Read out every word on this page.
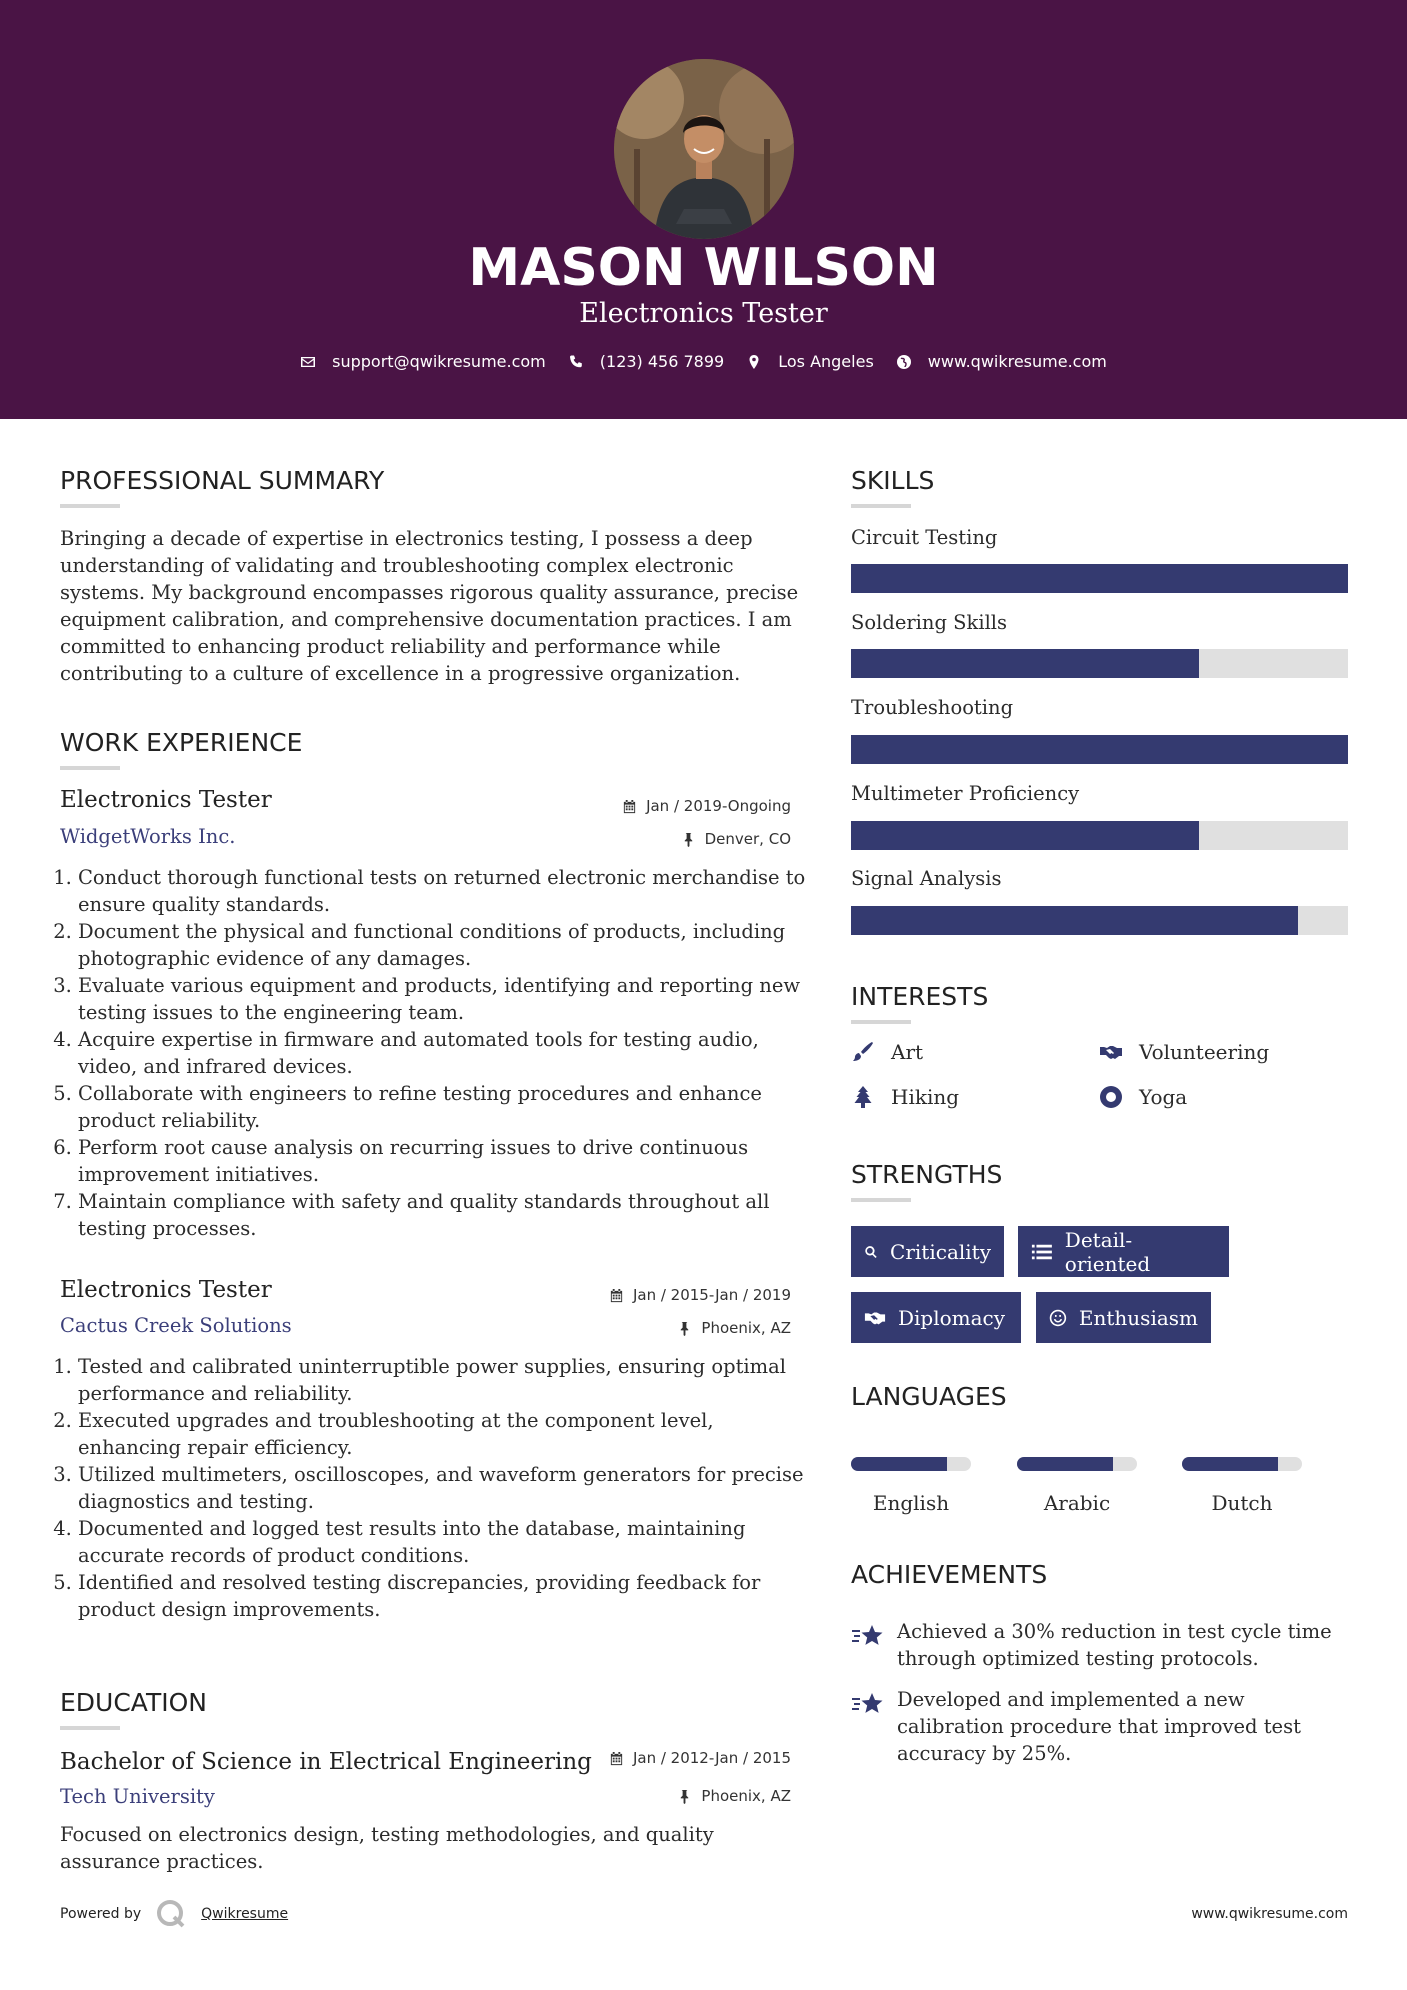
MASON WILSON
Electronics Tester
support@qwikresume.com	(123) 456 7899	Los Angeles	www.qwikresume.com
PROFESSIONAL SUMMARY
Bringing a decade of expertise in electronics testing, I possess a deep understanding of validating and troubleshooting complex electronic systems. My background encompasses rigorous quality assurance, precise equipment calibration, and comprehensive documentation practices. I am committed to enhancing product reliability and performance while contributing to a culture of excellence in a progressive organization.
WORK EXPERIENCE
Electronics Tester	Jan / 2019-Ongoing
WidgetWorks Inc.	Denver, CO
1. Conduct thorough functional tests on returned electronic merchandise to ensure quality standards.
2. Document the physical and functional conditions of products, including photographic evidence of any damages.
3. Evaluate various equipment and products, identifying and reporting new testing issues to the engineering team.
4. Acquire expertise in firmware and automated tools for testing audio, video, and infrared devices.
5. Collaborate with engineers to refine testing procedures and enhance product reliability.
6. Perform root cause analysis on recurring issues to drive continuous improvement initiatives.
7. Maintain compliance with safety and quality standards throughout all testing processes.
Electronics Tester	Jan / 2015-Jan / 2019
Cactus Creek Solutions	Phoenix, AZ
1. Tested and calibrated uninterruptible power supplies, ensuring optimal performance and reliability.
2. Executed upgrades and troubleshooting at the component level, enhancing repair efficiency.
3. Utilized multimeters, oscilloscopes, and waveform generators for precise diagnostics and testing.
4. Documented and logged test results into the database, maintaining accurate records of product conditions.
5. Identified and resolved testing discrepancies, providing feedback for product design improvements.
EDUCATION
Bachelor of Science in Electrical Engineering	Jan / 2012-Jan / 2015
Tech University	Phoenix, AZ
Focused on electronics design, testing methodologies, and quality assurance practices.
SKILLS
Circuit Testing
Soldering Skills
Troubleshooting
Multimeter Proficiency
Signal Analysis
INTERESTS
Art	Volunteering
Hiking	Yoga
STRENGTHS
Criticality	Detail-oriented
Diplomacy	Enthusiasm
LANGUAGES
English	Arabic	Dutch
ACHIEVEMENTS
Achieved a 30% reduction in test cycle time through optimized testing protocols.
Developed and implemented a new calibration procedure that improved test accuracy by 25%.
Powered by	Qwikresume	www.qwikresume.com
